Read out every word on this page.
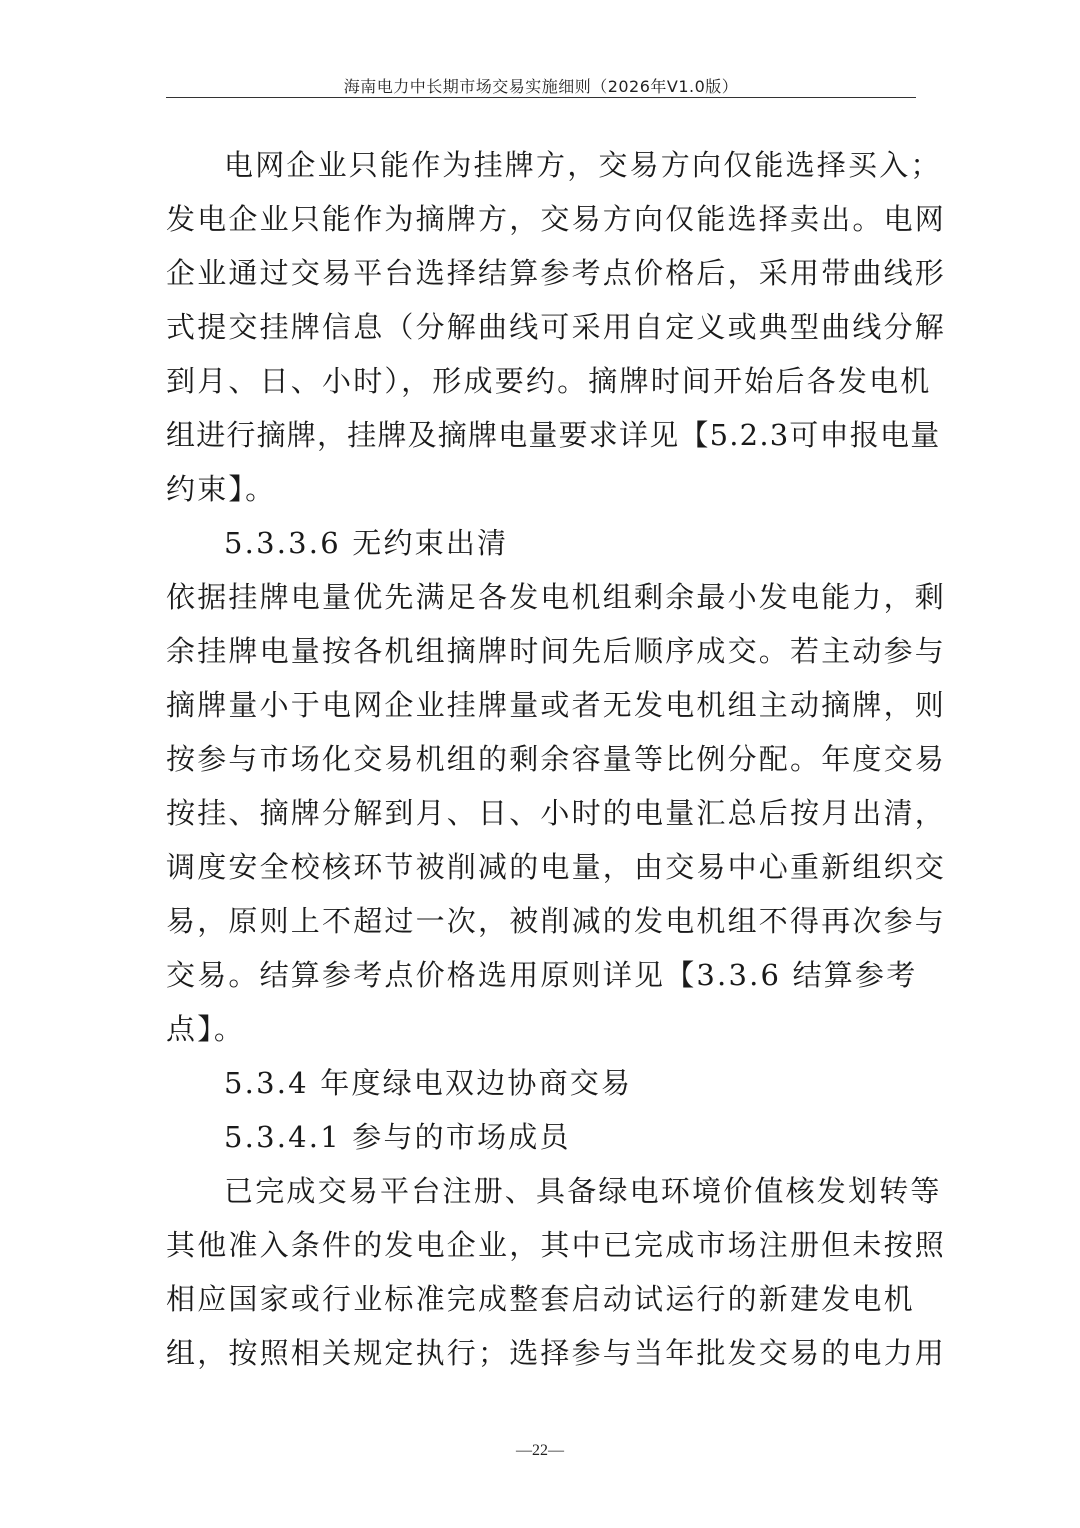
海南电力中长期市场交易实施细则（2026年V1.0版）
电网企业只能作为挂牌方，交易方向仅能选择买入；
发电企业只能作为摘牌方，交易方向仅能选择卖出。电网
企业通过交易平台选择结算参考点价格后，采用带曲线形
式提交挂牌信息（分解曲线可采用自定义或典型曲线分解
到月、日、小时），形成要约。摘牌时间开始后各发电机
组进行摘牌，挂牌及摘牌电量要求详见【5.2.3可申报电量
约束】。
5.3.3.6 无约束出清
依据挂牌电量优先满足各发电机组剩余最小发电能力，剩
余挂牌电量按各机组摘牌时间先后顺序成交。若主动参与
摘牌量小于电网企业挂牌量或者无发电机组主动摘牌，则
按参与市场化交易机组的剩余容量等比例分配。年度交易
按挂、摘牌分解到月、日、小时的电量汇总后按月出清，
调度安全校核环节被削减的电量，由交易中心重新组织交
易，原则上不超过一次，被削减的发电机组不得再次参与
交易。结算参考点价格选用原则详见【3.3.6 结算参考
点】。
5.3.4 年度绿电双边协商交易
5.3.4.1 参与的市场成员
已完成交易平台注册、具备绿电环境价值核发划转等
其他准入条件的发电企业，其中已完成市场注册但未按照
相应国家或行业标准完成整套启动试运行的新建发电机
组，按照相关规定执行；选择参与当年批发交易的电力用
—22—
